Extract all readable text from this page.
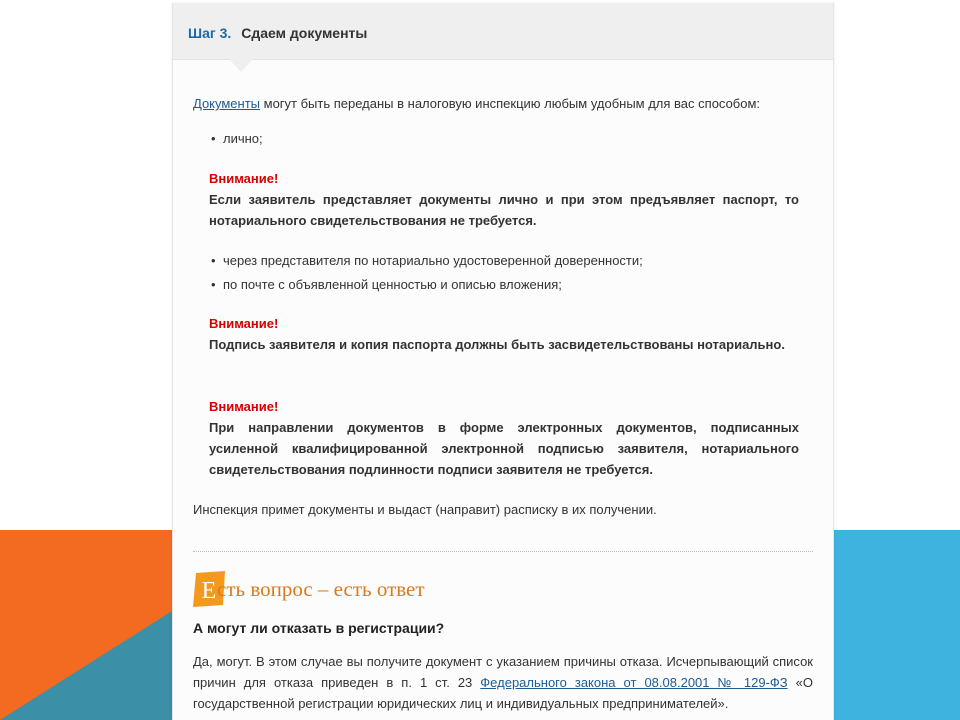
Шаг 3. Сдаем документы
Документы могут быть переданы в налоговую инспекцию любым удобным для вас способом:
• лично;
Внимание!
Если заявитель представляет документы лично и при этом предъявляет паспорт, то нотариального свидетельствования не требуется.
• через представителя по нотариально удостоверенной доверенности;
• по почте с объявленной ценностью и описью вложения;
Внимание!
Подпись заявителя и копия паспорта должны быть засвидетельствованы нотариально.
Внимание!
При направлении документов в форме электронных документов, подписанных усиленной квалифицированной электронной подписью заявителя, нотариального свидетельствования подлинности подписи заявителя не требуется.
Инспекция примет документы и выдаст (направит) расписку в их получении.
Е сть вопрос – есть ответ
А могут ли отказать в регистрации?
Да, могут. В этом случае вы получите документ с указанием причины отказа. Исчерпывающий список причин для отказа приведен в п. 1 ст. 23 Федерального закона от 08.08.2001 № 129-ФЗ «О государственной регистрации юридических лиц и индивидуальных предпринимателей».
